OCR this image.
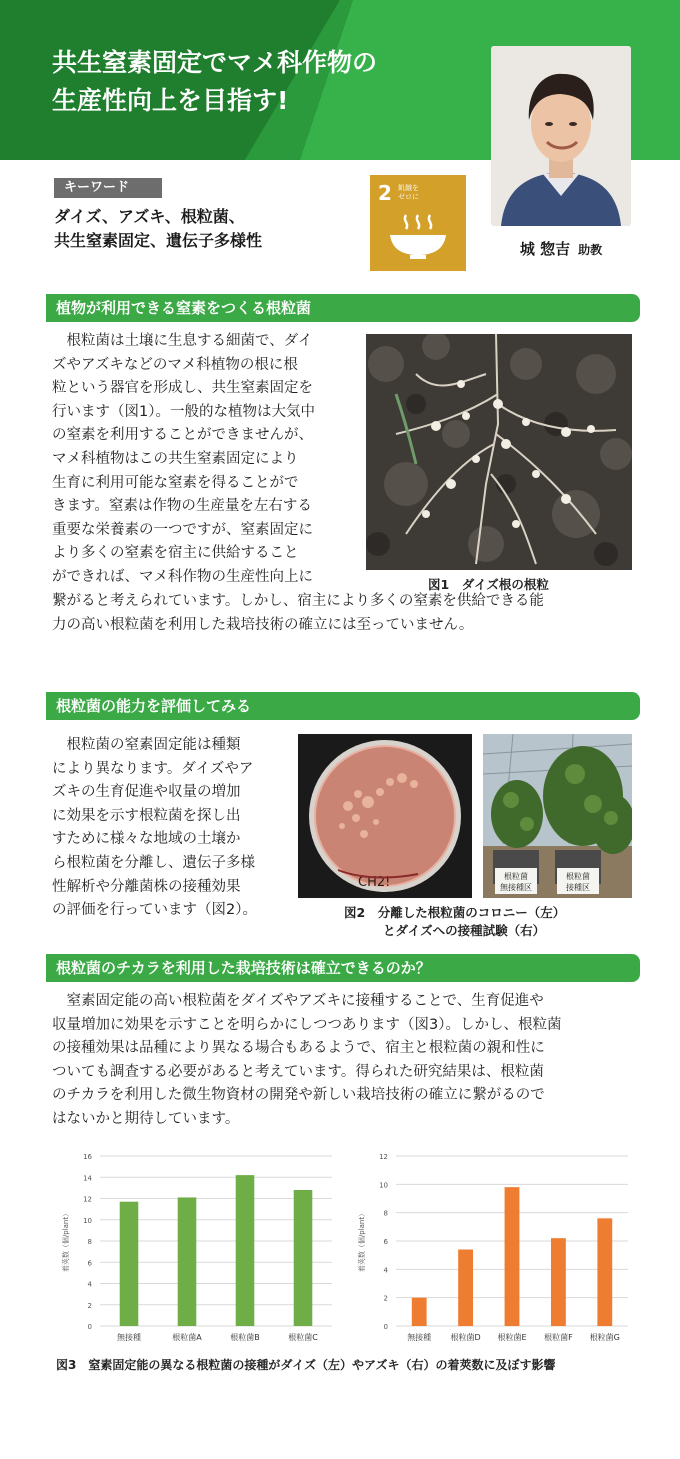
共生窒素固定でマメ科作物の
生産性向上を目指す!
城 惣吉 助教
キーワード
ダイズ、アズキ、根粒菌、
共生窒素固定、遺伝子多様性
2 飢餓を
ゼロに
植物が利用できる窒素をつくる根粒菌
　根粒菌は土壌に生息する細菌で、ダイ
ズやアズキなどのマメ科植物の根に根
粒という器官を形成し、共生窒素固定を
行います（図1）。一般的な植物は大気中
の窒素を利用することができませんが、
マメ科植物はこの共生窒素固定により
生育に利用可能な窒素を得ることがで
きます。窒素は作物の生産量を左右する
重要な栄養素の一つですが、窒素固定に
より多くの窒素を宿主に供給すること
ができれば、マメ科作物の生産性向上に
繋がると考えられています。しかし、宿主により多くの窒素を供給できる能
力の高い根粒菌を利用した栽培技術の確立には至っていません。
図1　ダイズ根の根粒
根粒菌の能力を評価してみる
　根粒菌の窒素固定能は種類
により異なります。ダイズやア
ズキの生育促進や収量の増加
に効果を示す根粒菌を探し出
すために様々な地域の土壌か
ら根粒菌を分離し、遺伝子多様
性解析や分離菌株の接種効果
の評価を行っています（図2）。
CH2!	根粒菌
無接種区
根粒菌
接種区
図2　分離した根粒菌のコロニー（左）
とダイズへの接種試験（右）
根粒菌のチカラを利用した栽培技術は確立できるのか？
　窒素固定能の高い根粒菌をダイズやアズキに接種することで、生育促進や
収量増加に効果を示すことを明らかにしつつあります（図3）。しかし、根粒菌
の接種効果は品種により異なる場合もあるようで、宿主と根粒菌の親和性に
ついても調査する必要があると考えています。得られた研究結果は、根粒菌
のチカラを利用した微生物資材の開発や新しい栽培技術の確立に繋がるので
はないかと期待しています。
0
2
4
6
8
10
12
14
16
着莢数（個/plant）
無接種	根粒菌A	根粒菌B	根粒菌C
0
2
4
6
8
10
12
着莢数（個/plant）
無接種 根粒菌D 根粒菌E 根粒菌F 根粒菌G
図3　窒素固定能の異なる根粒菌の接種がダイズ（左）やアズキ（右）の着莢数に及ぼす影響
